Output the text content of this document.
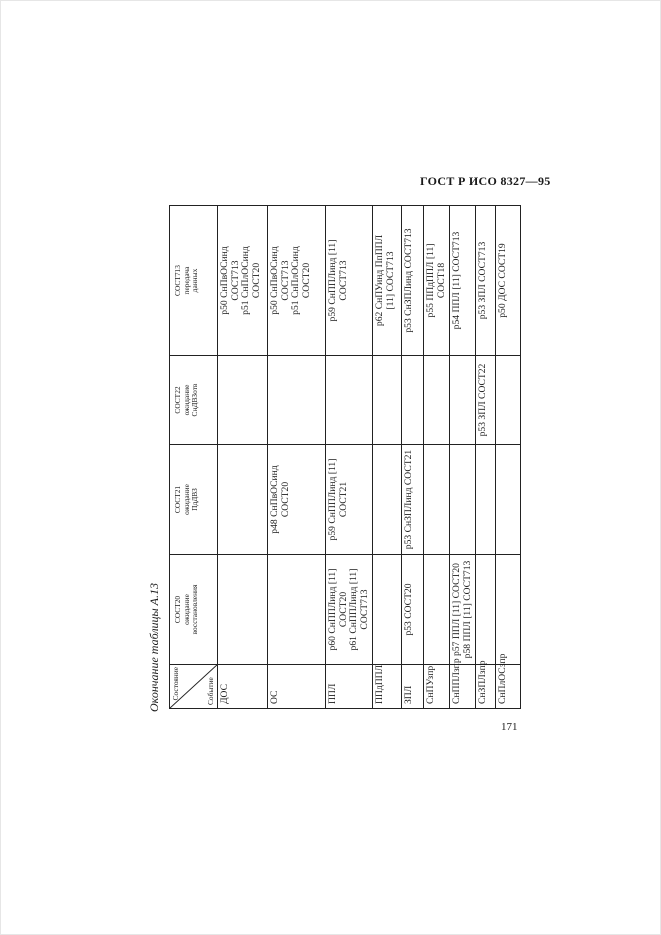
ГОСТ Р ИСО 8327—95
Окончание таблицы А.13 Состояние Событие	СОСТ20 ожидание восстановления	СОСТ21 ожидание ПдДВЗ	СОСТ22 ожидание СнДВЗотв	СОСТ713 передача данных

ДОС				p50 СнПвОСинд СОСТ713 p51 СнПлОСинд СОСТ20

ОС		p48 СнПвОСинд СОСТ20		p50 СнПвОСинд СОСТ713 p51 СнПлОСинд СОСТ20

ППЛ	p60 СнППЛинд [11] СОСТ20 p61 СнППЛинд [11] СОСТ713	p59 СнППЛинд [11] СОСТ21		p59 СнППЛинд [11] СОСТ713

ППдППЛ				p62 СнПУинд ПпППЛ [11] СОСТ713

ЗПЛ	p53 СОСТ20	p53 СнЗПЛинд СОСТ21		p53 СнЗПЛинд СОСТ713

СнПУзпр				p55 ППдППЛ [11] СОСТ18

СнППЛзпр	p57 ППЛ [11] СОСТ20 p58 ППЛ [11] СОСТ713			p54 ППЛ [11] СОСТ713

СнЗПЛзпр			p53 ЗПЛ СОСТ22	p53 ЗПЛ СОСТ713

СнПлОСзпр				p50 ДОС СОСТ19
171
